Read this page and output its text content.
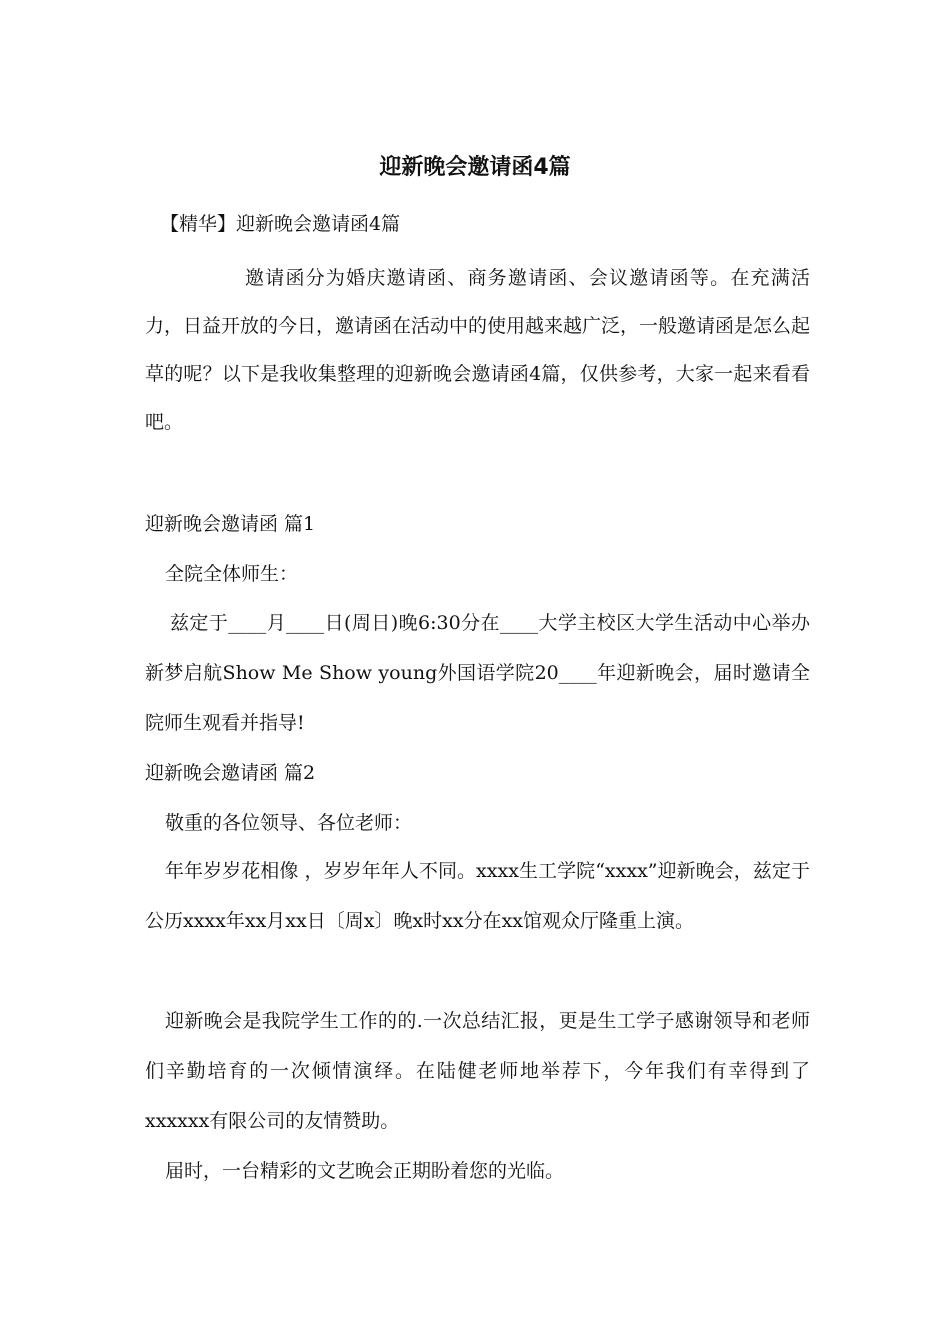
迎新晚会邀请函4篇

【精华】迎新晚会邀请函4篇

邀请函分为婚庆邀请函、商务邀请函、会议邀请函等。在充满活力，日益开放的今日，邀请函在活动中的使用越来越广泛，一般邀请函是怎么起草的呢？以下是我收集整理的迎新晚会邀请函4篇，仅供参考，大家一起来看看吧。

迎新晚会邀请函 篇1

全院全体师生：

兹定于____月____日(周日)晚6:30分在____大学主校区大学生活动中心举办新梦启航Show Me Show young外国语学院20____年迎新晚会，届时邀请全院师生观看并指导!

迎新晚会邀请函 篇2

敬重的各位领导、各位老师：

年年岁岁花相像 ，岁岁年年人不同。xxxx生工学院“xxxx”迎新晚会，兹定于公历xxxx年xx月xx日〔周x〕晚x时xx分在xx馆观众厅隆重上演。

迎新晚会是我院学生工作的的.一次总结汇报，更是生工学子感谢领导和老师们辛勤培育的一次倾情演绎。在陆健老师地举荐下，今年我们有幸得到了xxxxxx有限公司的友情赞助。

届时，一台精彩的文艺晚会正期盼着您的光临。
